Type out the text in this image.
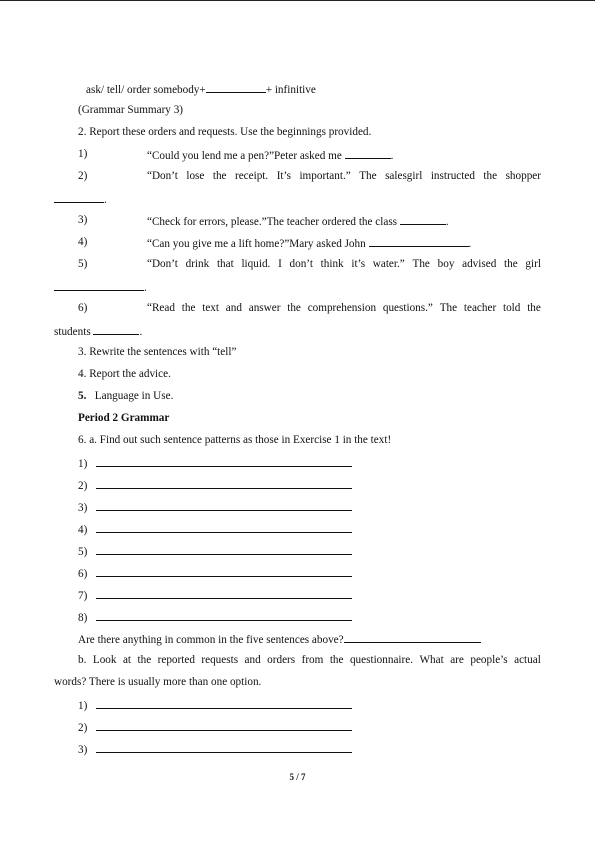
ask/ tell/ order somebody+	+ infinitive
(Grammar Summary 3)
2. Report these orders and requests. Use the beginnings provided.
1)	“Could you lend me a pen?”Peter asked me	.
2)	“Don’t lose the receipt. It’s important.” The salesgirl instructed the shopper
.
3)	“Check for errors, please.”The teacher ordered the class	.
4)	“Can you give me a lift home?”Mary asked John	.
5)	“Don’t drink that liquid. I don’t think it’s water.” The boy advised the girl
.
6)	“Read the text and answer the comprehension questions.” The teacher told the
students	.
3. Rewrite the sentences with “tell”
4. Report the advice.
5. Language in Use.
Period 2 Grammar
6. a. Find out such sentence patterns as those in Exercise 1 in the text!
1)
2)
3)
4)
5)
6)
7)
8)
Are there anything in common in the five sentences above?
b. Look at the reported requests and orders from the questionnaire. What are people’s actual
words? There is usually more than one option.
1)
2)
3)
5 / 7
